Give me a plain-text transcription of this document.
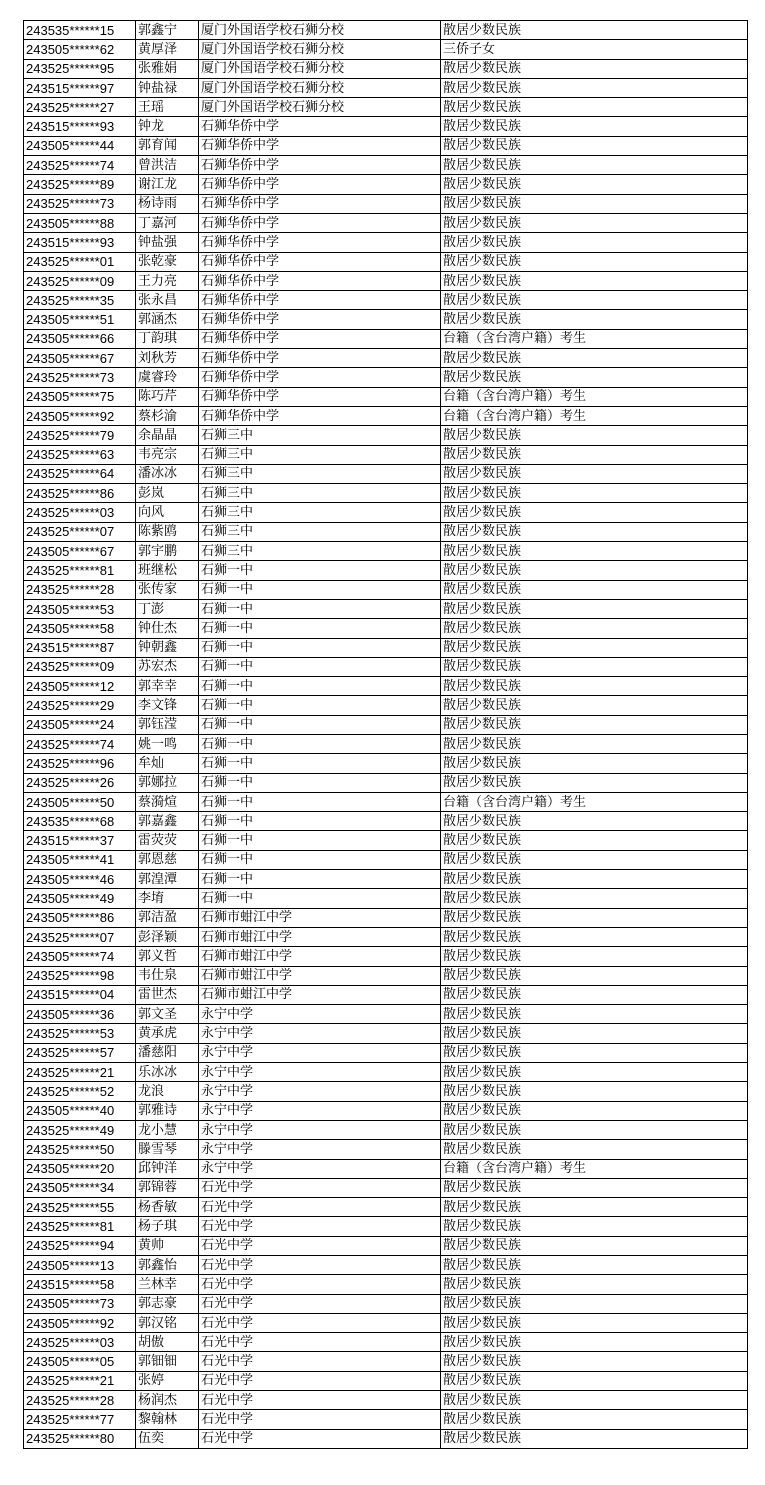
243535******15	郭鑫宁	厦门外国语学校石狮分校	散居少数民族
243505******62	黄厚泽	厦门外国语学校石狮分校	三侨子女
243525******95	张雅娟	厦门外国语学校石狮分校	散居少数民族
243515******97	钟盐禄	厦门外国语学校石狮分校	散居少数民族
243525******27	王瑶	厦门外国语学校石狮分校	散居少数民族
243515******93	钟龙	石狮华侨中学	散居少数民族
243505******44	郭育闻	石狮华侨中学	散居少数民族
243525******74	曾洪洁	石狮华侨中学	散居少数民族
243525******89	谢江龙	石狮华侨中学	散居少数民族
243525******73	杨诗雨	石狮华侨中学	散居少数民族
243505******88	丁嘉河	石狮华侨中学	散居少数民族
243515******93	钟盐强	石狮华侨中学	散居少数民族
243525******01	张乾豪	石狮华侨中学	散居少数民族
243525******09	王力亮	石狮华侨中学	散居少数民族
243525******35	张永昌	石狮华侨中学	散居少数民族
243505******51	郭涵杰	石狮华侨中学	散居少数民族
243505******66	丁韵琪	石狮华侨中学	台籍（含台湾户籍）考生
243505******67	刘秋芳	石狮华侨中学	散居少数民族
243525******73	虞睿玲	石狮华侨中学	散居少数民族
243505******75	陈巧芹	石狮华侨中学	台籍（含台湾户籍）考生
243505******92	蔡杉渝	石狮华侨中学	台籍（含台湾户籍）考生
243525******79	余晶晶	石狮三中	散居少数民族
243525******63	韦亮宗	石狮三中	散居少数民族
243525******64	潘冰冰	石狮三中	散居少数民族
243525******86	彭岚	石狮三中	散居少数民族
243525******03	向风	石狮三中	散居少数民族
243525******07	陈紫鸥	石狮三中	散居少数民族
243505******67	郭宇鹏	石狮三中	散居少数民族
243525******81	班继松	石狮一中	散居少数民族
243525******28	张传家	石狮一中	散居少数民族
243505******53	丁澎	石狮一中	散居少数民族
243505******58	钟仕杰	石狮一中	散居少数民族
243515******87	钟朝鑫	石狮一中	散居少数民族
243525******09	苏宏杰	石狮一中	散居少数民族
243505******12	郭幸幸	石狮一中	散居少数民族
243525******29	李文锋	石狮一中	散居少数民族
243505******24	郭钰滢	石狮一中	散居少数民族
243525******74	姚一鸣	石狮一中	散居少数民族
243525******96	牟灿	石狮一中	散居少数民族
243525******26	郭娜拉	石狮一中	散居少数民族
243505******50	蔡漪煊	石狮一中	台籍（含台湾户籍）考生
243535******68	郭嘉鑫	石狮一中	散居少数民族
243515******37	雷荧荧	石狮一中	散居少数民族
243505******41	郭恩慈	石狮一中	散居少数民族
243505******46	郭湟潭	石狮一中	散居少数民族
243505******49	李堉	石狮一中	散居少数民族
243505******86	郭洁盈	石狮市蚶江中学	散居少数民族
243525******07	彭泽颖	石狮市蚶江中学	散居少数民族
243505******74	郭义哲	石狮市蚶江中学	散居少数民族
243525******98	韦仕泉	石狮市蚶江中学	散居少数民族
243515******04	雷世杰	石狮市蚶江中学	散居少数民族
243505******36	郭文圣	永宁中学	散居少数民族
243525******53	黄承虎	永宁中学	散居少数民族
243525******57	潘慈阳	永宁中学	散居少数民族
243525******21	乐冰冰	永宁中学	散居少数民族
243525******52	龙浪	永宁中学	散居少数民族
243505******40	郭雅诗	永宁中学	散居少数民族
243525******49	龙小慧	永宁中学	散居少数民族
243525******50	滕雪琴	永宁中学	散居少数民族
243505******20	邱钟洋	永宁中学	台籍（含台湾户籍）考生
243505******34	郭锦蓉	石光中学	散居少数民族
243525******55	杨香敏	石光中学	散居少数民族
243525******81	杨子琪	石光中学	散居少数民族
243525******94	黄帅	石光中学	散居少数民族
243505******13	郭鑫怡	石光中学	散居少数民族
243515******58	兰林幸	石光中学	散居少数民族
243505******73	郭志豪	石光中学	散居少数民族
243505******92	郭汉铭	石光中学	散居少数民族
243525******03	胡傲	石光中学	散居少数民族
243505******05	郭钿钿	石光中学	散居少数民族
243525******21	张婷	石光中学	散居少数民族
243525******28	杨润杰	石光中学	散居少数民族
243525******77	黎翰林	石光中学	散居少数民族
243525******80	伍奕	石光中学	散居少数民族
